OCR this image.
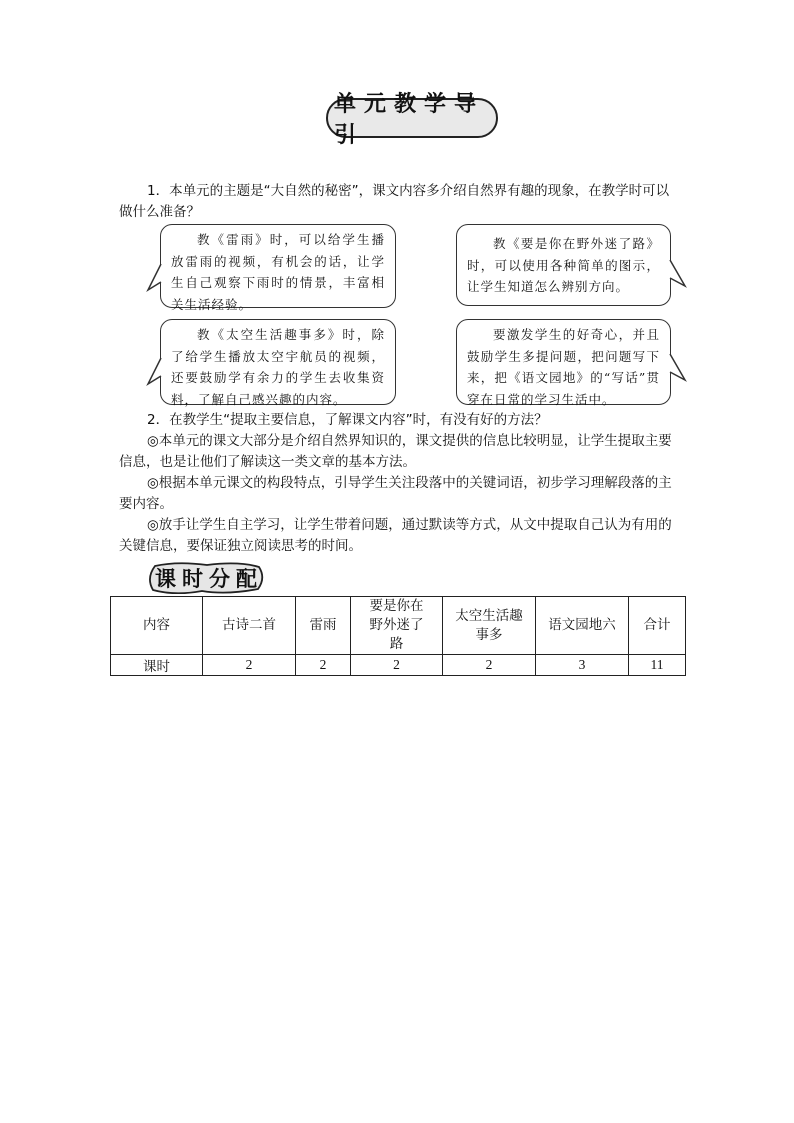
单元教学导引
1．本单元的主题是“大自然的秘密”，课文内容多介绍自然界有趣的现象，在教学时可以做什么准备？
教《雷雨》时，可以给学生播放雷雨的视频，有机会的话，让学生自己观察下雨时的情景，丰富相关生活经验。
教《要是你在野外迷了路》时，可以使用各种简单的图示，让学生知道怎么辨别方向。
教《太空生活趣事多》时，除了给学生播放太空宇航员的视频，还要鼓励学有余力的学生去收集资料，了解自己感兴趣的内容。
要激发学生的好奇心，并且鼓励学生多提问题，把问题写下来，把《语文园地》的“写话”贯穿在日常的学习生活中。
2．在教学生“提取主要信息，了解课文内容”时，有没有好的方法？

◎本单元的课文大部分是介绍自然界知识的，课文提供的信息比较明显，让学生提取主要信息，也是让他们了解读这一类文章的基本方法。

◎根据本单元课文的构段特点，引导学生关注段落中的关键词语，初步学习理解段落的主要内容。

◎放手让学生自主学习，让学生带着问题，通过默读等方式，从文中提取自己认为有用的关键信息，要保证独立阅读思考的时间。

课时分配
内容	古诗二首	雷雨	要是你在野外迷了路	太空生活趣事多	语文园地六	合计
课时	2	2	2	2	3	11
